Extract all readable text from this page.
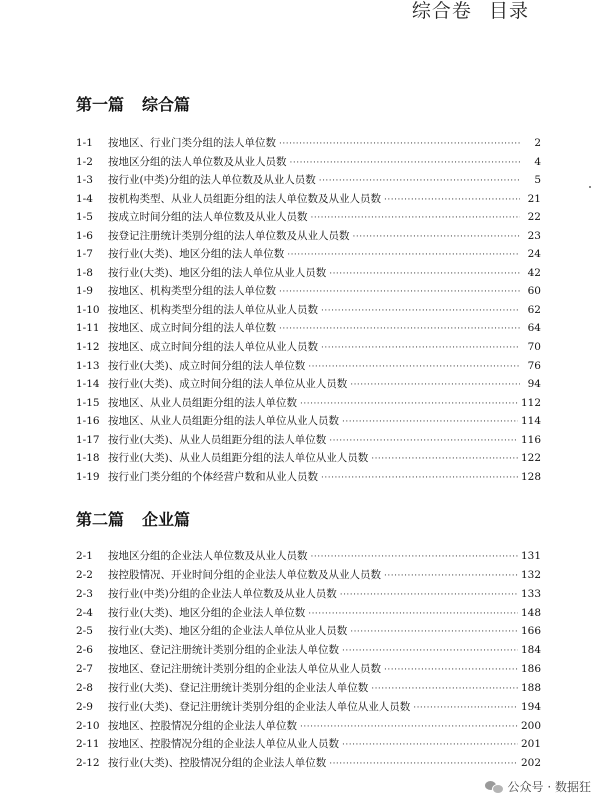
综合卷 目录
第一篇 综合篇
1-1	按地区、行业门类分组的法人单位数 ·····	2
1-2	按地区分组的法人单位数及从业人员数 ·····	4
1-3	按行业(中类)分组的法人单位数及从业人员数 ·····	5
1-4	按机构类型、从业人员组距分组的法人单位数及从业人员数 ·····	21
1-5	按成立时间分组的法人单位数及从业人员数 ·····	22
1-6	按登记注册统计类别分组的法人单位数及从业人员数 ·····	23
1-7	按行业(大类)、地区分组的法人单位数 ·····	24
1-8	按行业(大类)、地区分组的法人单位从业人员数 ·····	42
1-9	按地区、机构类型分组的法人单位数 ·····	60
1-10 按地区、机构类型分组的法人单位从业人员数 ·····	62
1-11 按地区、成立时间分组的法人单位数 ·····	64
1-12 按地区、成立时间分组的法人单位从业人员数 ·····	70
1-13 按行业(大类)、成立时间分组的法人单位数 ·····	76
1-14 按行业(大类)、成立时间分组的法人单位从业人员数 ·····	94
1-15 按地区、从业人员组距分组的法人单位数 ·····	112
1-16 按地区、从业人员组距分组的法人单位从业人员数 ·····	114
1-17 按行业(大类)、从业人员组距分组的法人单位数 ·····	116
1-18 按行业(大类)、从业人员组距分组的法人单位从业人员数 ·····	122
1-19 按行业门类分组的个体经营户数和从业人员数 ·····	128
第二篇 企业篇
2-1	按地区分组的企业法人单位数及从业人员数 ·····	131
2-2	按控股情况、开业时间分组的企业法人单位数及从业人员数 ·····	132
2-3	按行业(中类)分组的企业法人单位数及从业人员数 ·····	133
2-4	按行业(大类)、地区分组的企业法人单位数 ·····	148
2-5	按行业(大类)、地区分组的企业法人单位从业人员数 ·····	166
2-6	按地区、登记注册统计类别分组的企业法人单位数 ·····	184
2-7	按地区、登记注册统计类别分组的企业法人单位从业人员数 ·····	186
2-8	按行业(大类)、登记注册统计类别分组的企业法人单位数 ·····	188
2-9	按行业(大类)、登记注册统计类别分组的企业法人单位从业人员数 ·····	194
2-10 按地区、控股情况分组的企业法人单位数 ·····	200
2-11 按地区、控股情况分组的企业法人单位从业人员数 ·····	201
2-12 按行业(大类)、控股情况分组的企业法人单位数 ·····	202
公众号 · 数据狂
